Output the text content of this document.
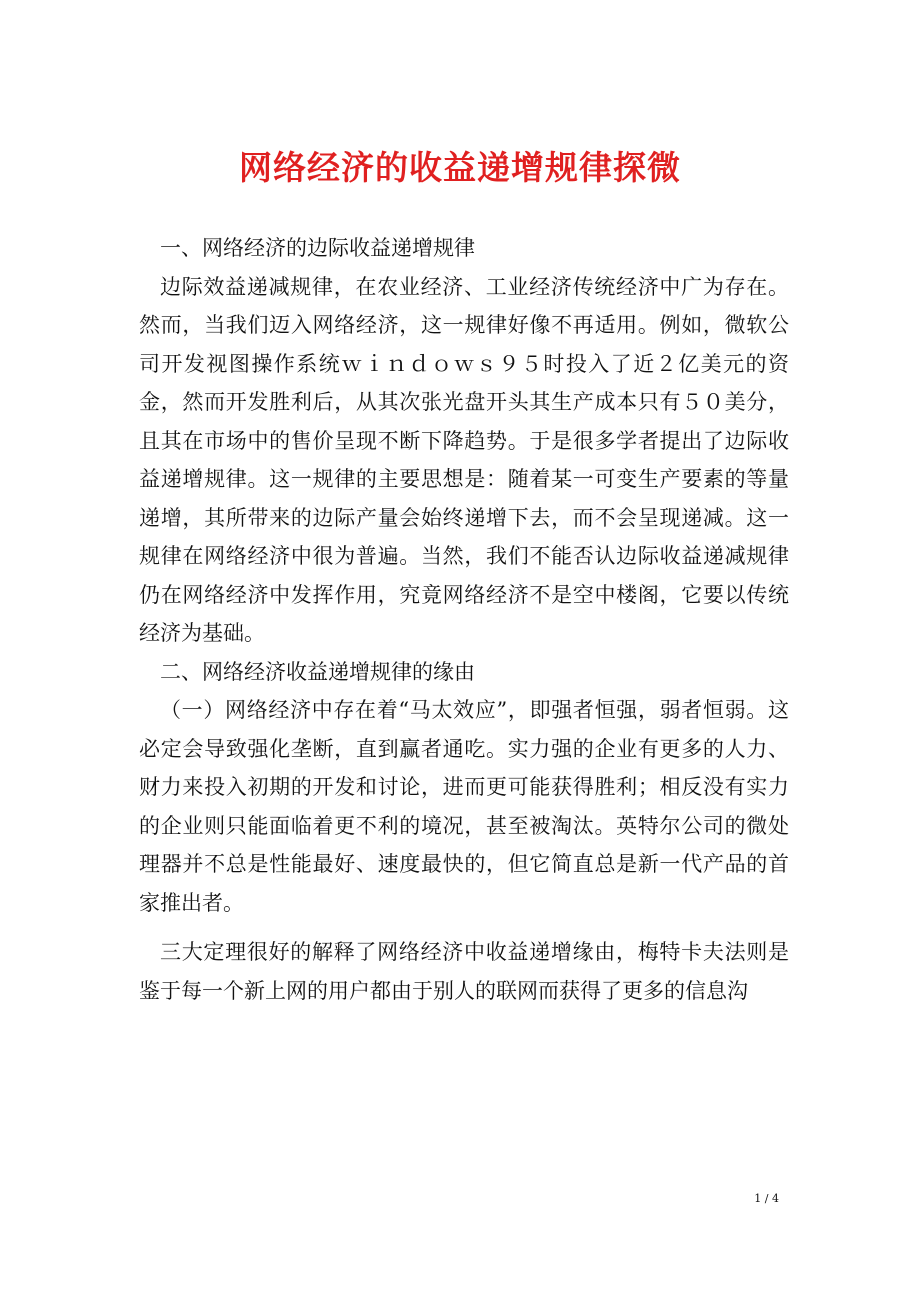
网络经济的收益递增规律探微

一、网络经济的边际收益递增规律

边际效益递减规律，在农业经济、工业经济传统经济中广为存在。然而，当我们迈入网络经济，这一规律好像不再适用。例如，微软公司开发视图操作系统ｗｉｎｄｏｗｓ９５时投入了近２亿美元的资金，然而开发胜利后，从其次张光盘开头其生产成本只有５０美分，且其在市场中的售价呈现不断下降趋势。于是很多学者提出了边际收益递增规律。这一规律的主要思想是：随着某一可变生产要素的等量递增，其所带来的边际产量会始终递增下去，而不会呈现递减。这一规律在网络经济中很为普遍。当然，我们不能否认边际收益递减规律仍在网络经济中发挥作用，究竟网络经济不是空中楼阁，它要以传统经济为基础。

二、网络经济收益递增规律的缘由

（一）网络经济中存在着“马太效应”，即强者恒强，弱者恒弱。这必定会导致强化垄断，直到赢者通吃。实力强的企业有更多的人力、财力来投入初期的开发和讨论，进而更可能获得胜利；相反没有实力的企业则只能面临着更不利的境况，甚至被淘汰。英特尔公司的微处理器并不总是性能最好、速度最快的，但它简直总是新一代产品的首家推出者。

三大定理很好的解释了网络经济中收益递增缘由，梅特卡夫法则是鉴于每一个新上网的用户都由于别人的联网而获得了更多的信息沟

1 / 4
